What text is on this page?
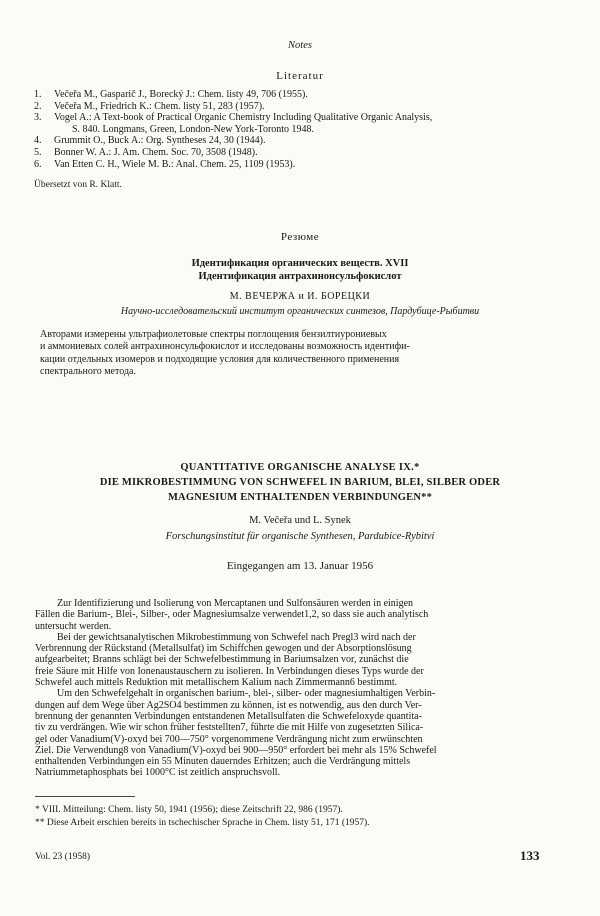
Notes
Literatur
1. Večeřa M., Gasparič J., Borecký J.: Chem. listy 49, 706 (1955).
2. Večeřa M., Friedrich K.: Chem. listy 51, 283 (1957).
3. Vogel A.: A Text-book of Practical Organic Chemistry Including Qualitative Organic Analysis,
S. 840. Longmans, Green, London-New York-Toronto 1948.
4. Grummit O., Buck A.: Org. Syntheses 24, 30 (1944).
5. Bonner W. A.: J. Am. Chem. Soc. 70, 3508 (1948).
6. Van Etten C. H., Wiele M. B.: Anal. Chem. 25, 1109 (1953).
Übersetzt von R. Klatt.
Резюме
Идентификация органических веществ. XVII
Идентификация антрахинонсульфокислот
М. ВЕЧЕРЖА и И. БОРЕЦКИ
Научно-исследовательский институт органических синтезов, Пардубице-Рыбитви
Авторами измерены ультрафиолетовые спектры поглощения бензилтиурониевых
и аммониевых солей антрахинонсульфокислот и исследованы возможность идентифи-
кации отдельных изомеров и подходящие условия для количественного применения
спектрального метода.
QUANTITATIVE ORGANISCHE ANALYSE IX.*
DIE MIKROBESTIMMUNG VON SCHWEFEL IN BARIUM, BLEI, SILBER ODER
MAGNESIUM ENTHALTENDEN VERBINDUNGEN**
M. Večeřa und L. Synek
Forschungsinstitut für organische Synthesen, Pardubice-Rybitví
Eingegangen am 13. Januar 1956
Zur Identifizierung und Isolierung von Mercaptanen und Sulfonsäuren werden in einigen
Fällen die Barium-, Blei-, Silber-, oder Magnesiumsalze verwendet1,2, so dass sie auch analytisch
untersucht werden.
Bei der gewichtsanalytischen Mikrobestimmung von Schwefel nach Pregl3 wird nach der
Verbrennung der Rückstand (Metallsulfat) im Schiffchen gewogen und der Absorptionslösung
aufgearbeitet; Branns schlägt bei der Schwefelbestimmung in Bariumsalzen vor, zunächst die
freie Säure mit Hilfe von Ionenaustauschern zu isolieren. In Verbindungen dieses Typs wurde der
Schwefel auch mittels Reduktion mit metallischem Kalium nach Zimmermann6 bestimmt.
Um den Schwefelgehalt in organischen barium-, blei-, silber- oder magnesiumhaltigen Verbin-
dungen auf dem Wege über Ag2SO4 bestimmen zu können, ist es notwendig, aus den durch Ver-
brennung der genannten Verbindungen entstandenen Metallsulfaten die Schwefeloxyde quantita-
tiv zu verdrängen. Wie wir schon früher feststellten7, führte die mit Hilfe von zugesetzten Silica-
gel oder Vanadium(V)-oxyd bei 700—750° vorgenommene Verdrängung nicht zum erwünschten
Ziel. Die Verwendung8 von Vanadium(V)-oxyd bei 900—950° erfordert bei mehr als 15% Schwefel
enthaltenden Verbindungen ein 55 Minuten dauerndes Erhitzen; auch die Verdrängung mittels
Natriummetaphosphats bei 1000°C ist zeitlich anspruchsvoll.
* VIII. Mitteilung: Chem. listy 50, 1941 (1956); diese Zeitschrift 22, 986 (1957).
** Diese Arbeit erschien bereits in tschechischer Sprache in Chem. listy 51, 171 (1957).
Vol. 23 (1958)	133
